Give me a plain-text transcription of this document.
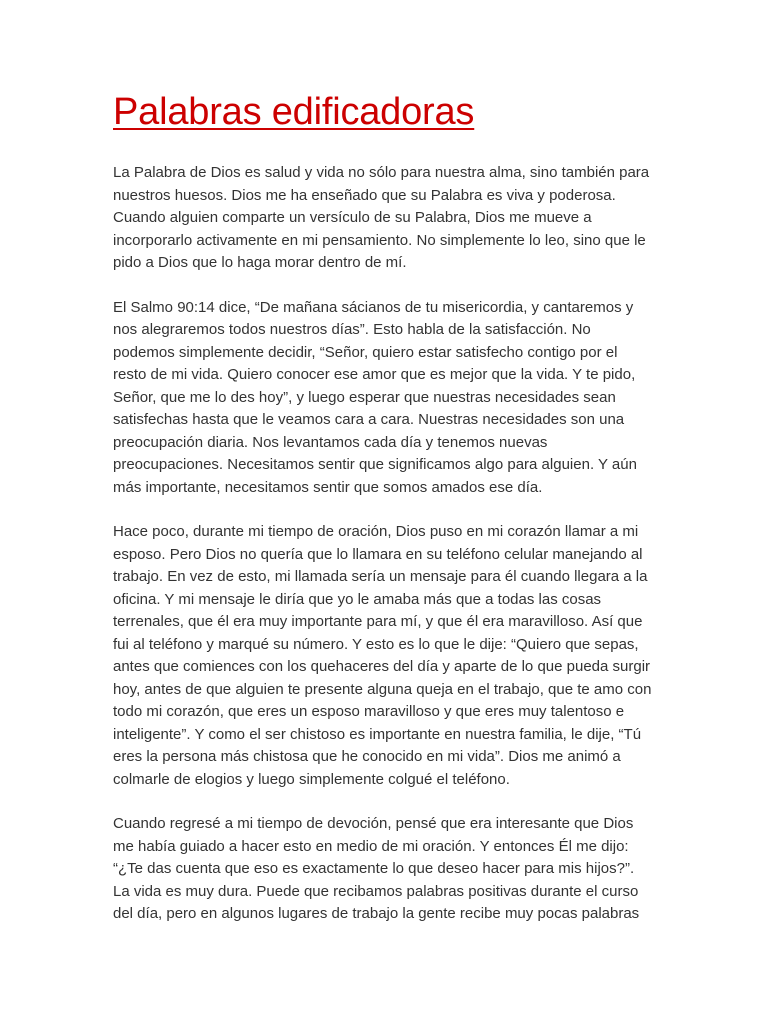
Palabras edificadoras

La Palabra de Dios es salud y vida no sólo para nuestra alma, sino también para
nuestros huesos. Dios me ha enseñado que su Palabra es viva y poderosa.
Cuando alguien comparte un versículo de su Palabra, Dios me mueve a
incorporarlo activamente en mi pensamiento. No simplemente lo leo, sino que le
pido a Dios que lo haga morar dentro de mí.

El Salmo 90:14 dice, “De mañana sácianos de tu misericordia, y cantaremos y
nos alegraremos todos nuestros días”. Esto habla de la satisfacción. No
podemos simplemente decidir, “Señor, quiero estar satisfecho contigo por el
resto de mi vida. Quiero conocer ese amor que es mejor que la vida. Y te pido,
Señor, que me lo des hoy”, y luego esperar que nuestras necesidades sean
satisfechas hasta que le veamos cara a cara. Nuestras necesidades son una
preocupación diaria. Nos levantamos cada día y tenemos nuevas
preocupaciones. Necesitamos sentir que significamos algo para alguien. Y aún
más importante, necesitamos sentir que somos amados ese día.

Hace poco, durante mi tiempo de oración, Dios puso en mi corazón llamar a mi
esposo. Pero Dios no quería que lo llamara en su teléfono celular manejando al
trabajo. En vez de esto, mi llamada sería un mensaje para él cuando llegara a la
oficina. Y mi mensaje le diría que yo le amaba más que a todas las cosas
terrenales, que él era muy importante para mí, y que él era maravilloso. Así que
fui al teléfono y marqué su número. Y esto es lo que le dije: “Quiero que sepas,
antes que comiences con los quehaceres del día y aparte de lo que pueda surgir
hoy, antes de que alguien te presente alguna queja en el trabajo, que te amo con
todo mi corazón, que eres un esposo maravilloso y que eres muy talentoso e
inteligente”. Y como el ser chistoso es importante en nuestra familia, le dije, “Tú
eres la persona más chistosa que he conocido en mi vida”. Dios me animó a
colmarle de elogios y luego simplemente colgué el teléfono.

Cuando regresé a mi tiempo de devoción, pensé que era interesante que Dios
me había guiado a hacer esto en medio de mi oración. Y entonces Él me dijo:
“¿Te das cuenta que eso es exactamente lo que deseo hacer para mis hijos?”.
La vida es muy dura. Puede que recibamos palabras positivas durante el curso
del día, pero en algunos lugares de trabajo la gente recibe muy pocas palabras
